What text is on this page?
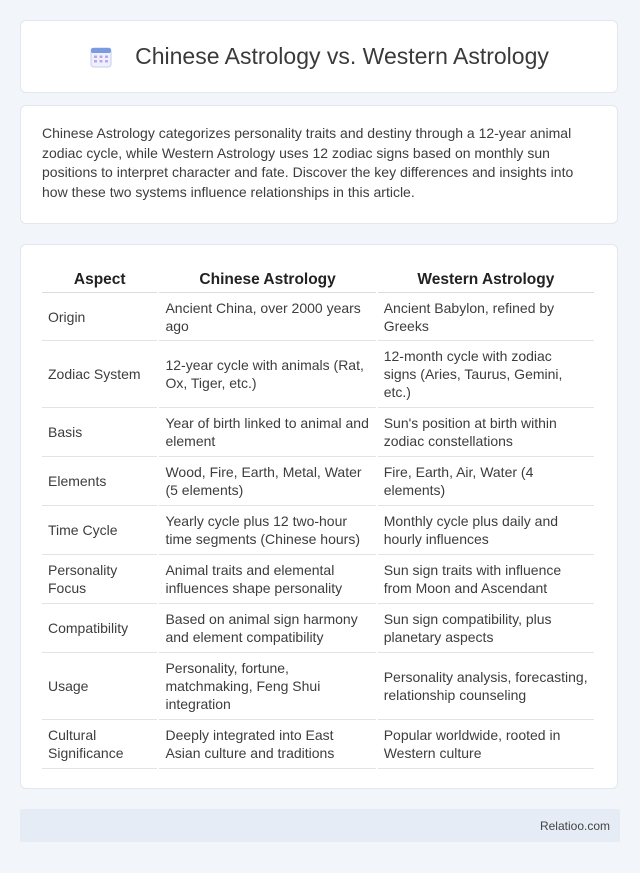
Chinese Astrology vs. Western Astrology

Chinese Astrology categorizes personality traits and destiny through a 12-year animal zodiac cycle, while Western Astrology uses 12 zodiac signs based on monthly sun positions to interpret character and fate. Discover the key differences and insights into how these two systems influence relationships in this article.

Aspect	Chinese Astrology	Western Astrology
Origin	Ancient China, over 2000 years ago	Ancient Babylon, refined by Greeks
Zodiac System	12-year cycle with animals (Rat, Ox, Tiger, etc.)	12-month cycle with zodiac signs (Aries, Taurus, Gemini, etc.)
Basis	Year of birth linked to animal and element	Sun's position at birth within zodiac constellations
Elements	Wood, Fire, Earth, Metal, Water (5 elements)	Fire, Earth, Air, Water (4 elements)
Time Cycle	Yearly cycle plus 12 two-hour time segments (Chinese hours)	Monthly cycle plus daily and hourly influences
Personality Focus	Animal traits and elemental influences shape personality	Sun sign traits with influence from Moon and Ascendant
Compatibility	Based on animal sign harmony and element compatibility	Sun sign compatibility, plus planetary aspects
Usage	Personality, fortune, matchmaking, Feng Shui integration	Personality analysis, forecasting, relationship counseling
Cultural Significance	Deeply integrated into East Asian culture and traditions	Popular worldwide, rooted in Western culture
Relatioo.com
